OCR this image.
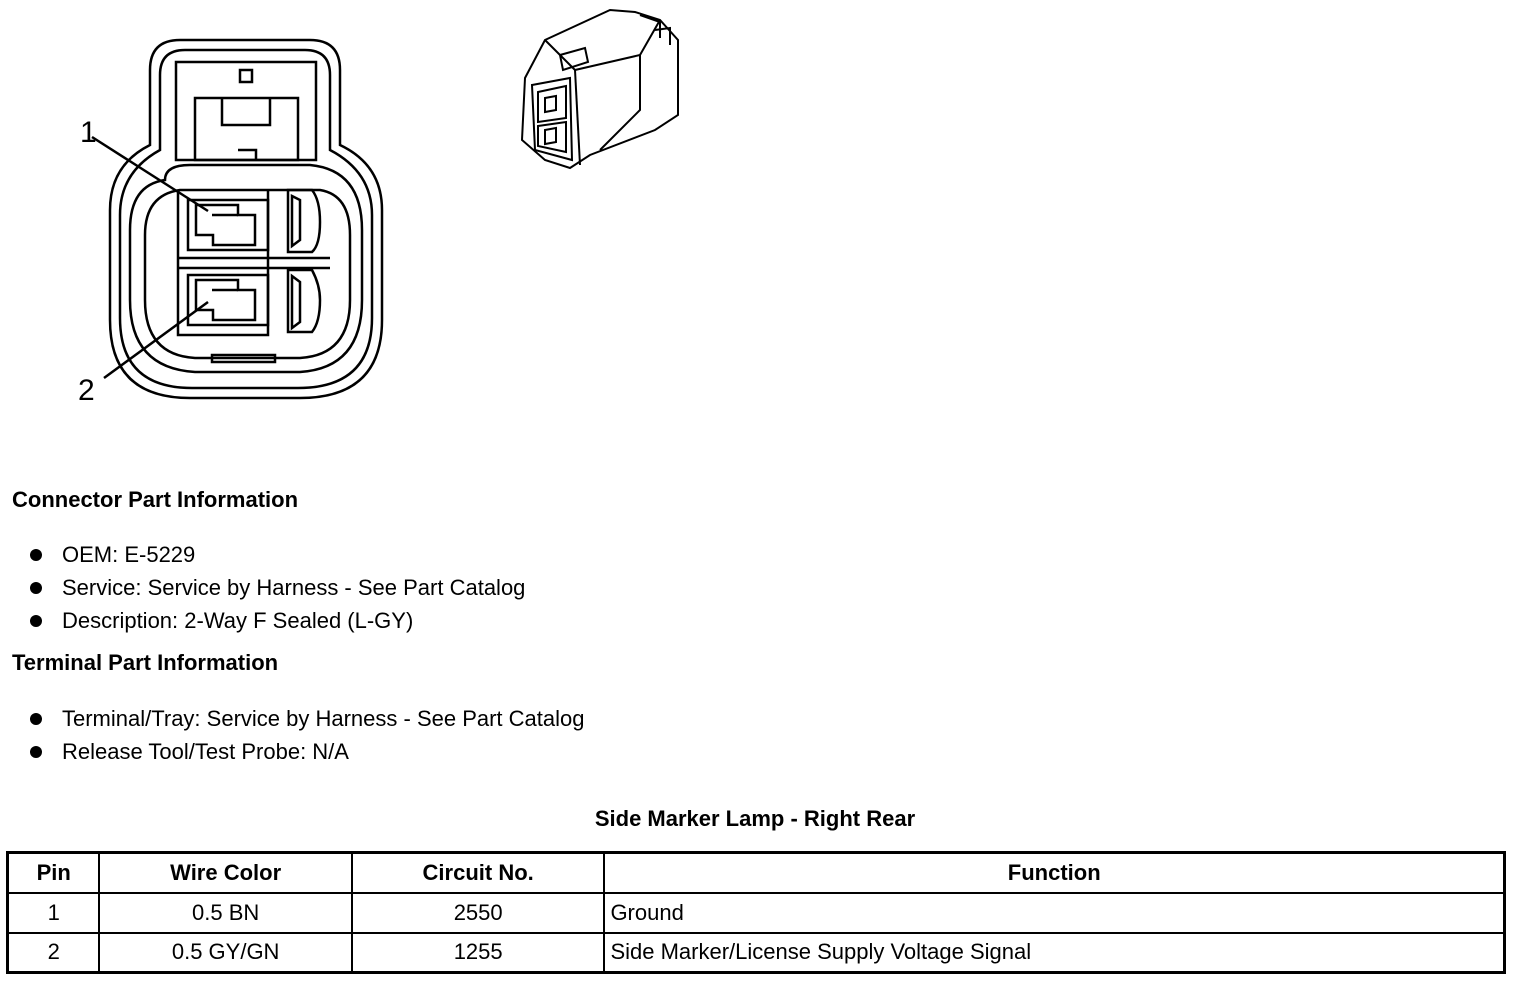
1
2
Connector Part Information
OEM: E-5229
Service: Service by Harness - See Part Catalog
Description: 2-Way F Sealed (L-GY)
Terminal Part Information
Terminal/Tray: Service by Harness - See Part Catalog
Release Tool/Test Probe: N/A
Side Marker Lamp - Right Rear
Pin	Wire Color	Circuit No.	Function
1	0.5 BN	2550	Ground
2	0.5 GY/GN	1255	Side Marker/License Supply Voltage Signal
